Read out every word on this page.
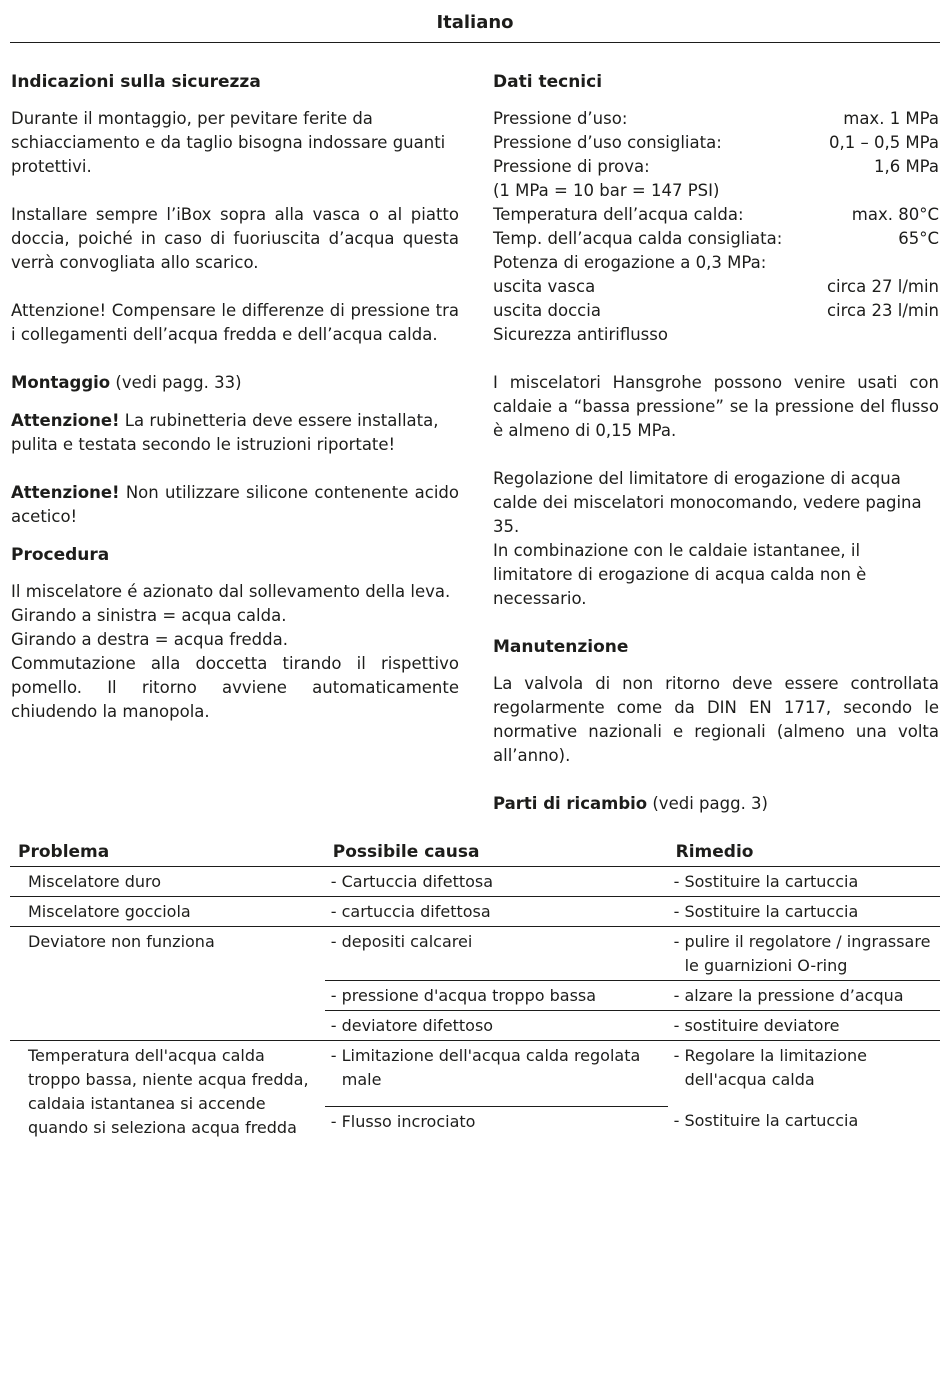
Italiano
Indicazioni sulla sicurezza

Durante il montaggio, per pevitare ferite da schiacciamento e da taglio bisogna indossare guanti protettivi.

Installare sempre l’iBox sopra alla vasca o al piatto doccia, poiché in caso di fuoriuscita d’acqua questa verrà convogliata allo scarico.

Attenzione! Compensare le differenze di pressione tra i collegamenti dell’acqua fredda e dell’acqua calda.

Montaggio (vedi pagg. 33)

Attenzione! La rubinetteria deve essere installata, pulita e testata secondo le istruzioni riportate!

Attenzione! Non utilizzare silicone contenente acido acetico!

Procedura

Il miscelatore é azionato dal sollevamento della leva.

Girando a sinistra = acqua calda.

Girando a destra = acqua fredda.

Commutazione alla doccetta tirando il rispettivo pomello. Il ritorno avviene automaticamente chiudendo la manopola.

Dati tecnici
Pressione d’uso:	max. 1 MPa
Pressione d’uso consigliata:	0,1 – 0,5 MPa
Pressione di prova:	1,6 MPa
(1 MPa = 10 bar = 147 PSI)
Temperatura dell’acqua calda:	max. 80°C
Temp. dell’acqua calda consigliata:	65°C
Potenza di erogazione a 0,3 MPa:
uscita vasca	circa 27 l/min
uscita doccia	circa 23 l/min
Sicurezza antiriflusso

I miscelatori Hansgrohe possono venire usati con caldaie a “bassa pressione” se la pressione del flusso è almeno di 0,15 MPa.

Regolazione del limitatore di erogazione di acqua calde dei miscelatori monocomando, vedere pagina 35.

In combinazione con le caldaie istantanee, il limitatore di erogazione di acqua calda non è necessario.

Manutenzione

La valvola di non ritorno deve essere controllata regolarmente come da DIN EN 1717, secondo le normative nazionali e regionali (almeno una volta all’anno).

Parti di ricambio (vedi pagg. 3)

Problema	Possibile causa	Rimedio
Miscelatore duro	- Cartuccia difettosa	- Sostituire la cartuccia
Miscelatore gocciola	- cartuccia difettosa	- Sostituire la cartuccia
Deviatore non funziona	- depositi calcarei	- pulire il regolatore / ingrassare le guarnizioni O-ring

	- pressione d'acqua troppo bassa	- alzare la pressione d’acqua
	- deviatore difettoso	- sostituire deviatore
Temperatura dell'acqua calda troppo bassa, niente acqua fredda, caldaia istantanea si accende quando si seleziona acqua fredda	- Limitazione dell'acqua calda regolata male	- Regolare la limitazione dell'acqua calda

	- Flusso incrociato	- Sostituire la cartuccia
